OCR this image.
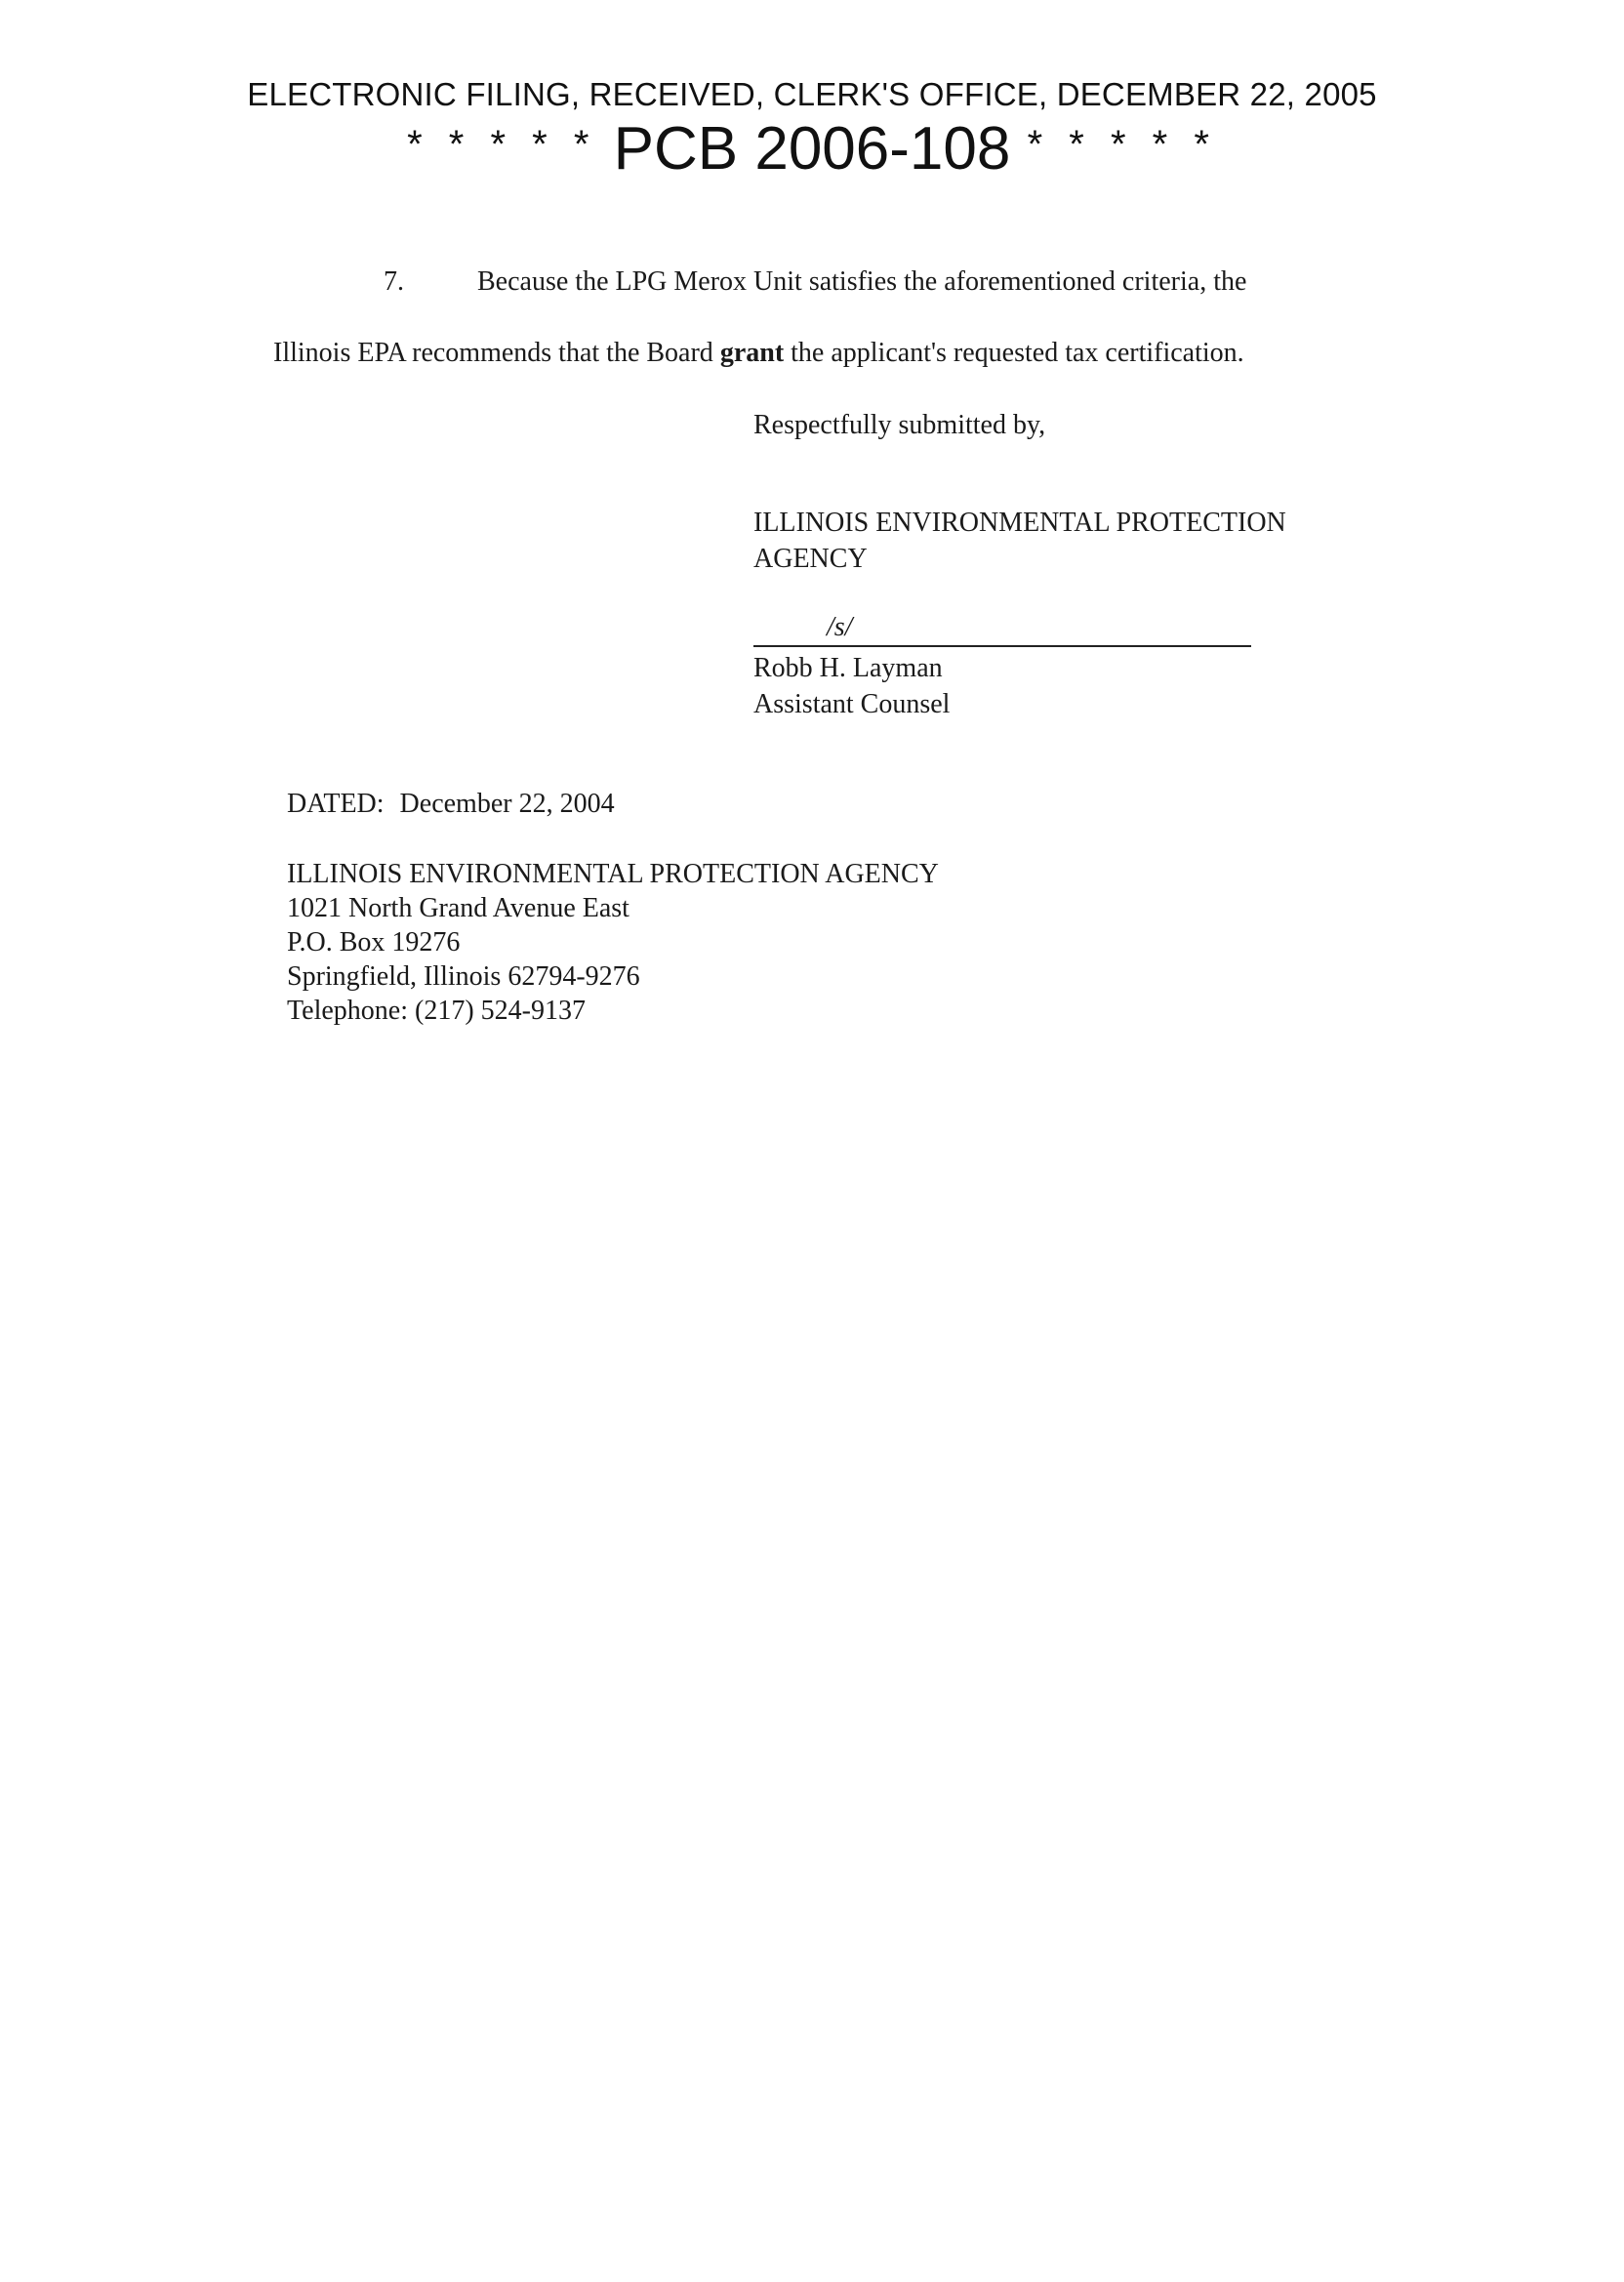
ELECTRONIC FILING, RECEIVED, CLERK'S OFFICE, DECEMBER 22, 2005
* * * * * PCB 2006-108 * * * * *
7.	Because the LPG Merox Unit satisfies the aforementioned criteria, the
Illinois EPA recommends that the Board grant the applicant's requested tax certification.
Respectfully submitted by,
ILLINOIS ENVIRONMENTAL PROTECTION
AGENCY
/s/
Robb H. Layman
Assistant Counsel
DATED: December 22, 2004
ILLINOIS ENVIRONMENTAL PROTECTION AGENCY
1021 North Grand Avenue East
P.O. Box 19276
Springfield, Illinois 62794-9276
Telephone: (217) 524-9137
